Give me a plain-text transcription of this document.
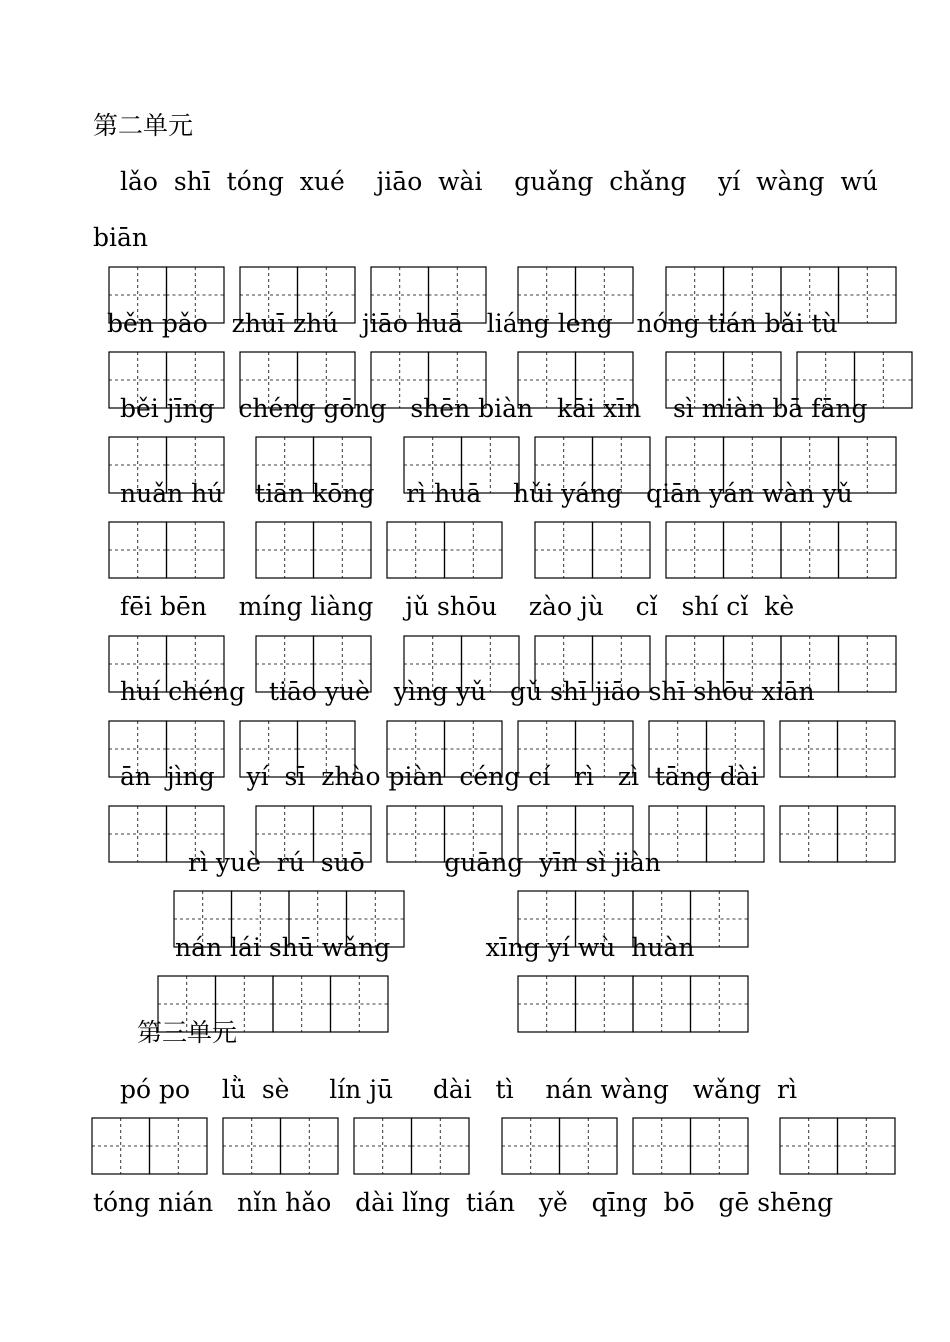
第二单元
第三单元
lǎo  shī  tóng  xué    jiāo  wài    guǎng  chǎng    yí  wàng  wú
biān
běn pǎo   zhuī zhú   jiāo huā   liáng leng   nóng tián bǎi tù
běi jīng   chéng gōng   shēn biàn   kāi xīn    sì miàn bā fāng
nuǎn hú    tiān kōng    rì huā    hǔi yáng   qiān yán wàn yǔ
fēi bēn    míng liàng    jǔ shōu    zào jù    cǐ   shí cǐ  kè
huí chéng   tiāo yuè   yìng yǔ   gǔ shī jiāo shī shōu xiān
ān  jìng    yí  sī  zhào piàn  céng cí   rì   zì  tāng dài
rì yuè  rú  suō          guāng  yīn sì jiàn
nán lái shū wǎng            xīng yí wù  huàn
pó po    lǜ  sè     lín jū     dài   tì    nán wàng   wǎng  rì
tóng nián   nǐn hǎo   dài lǐng  tián   yě   qīng  bō   gē shēng
